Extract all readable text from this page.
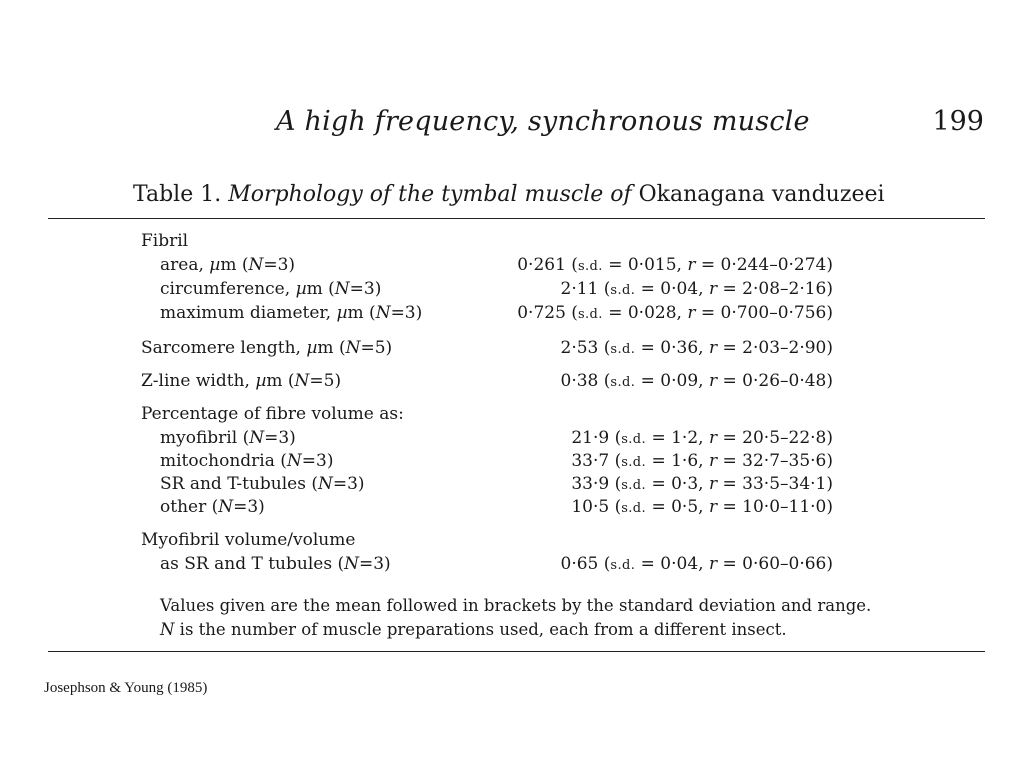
A high frequency, synchronous muscle	199
Table 1. Morphology of the tymbal muscle of Okanagana vanduzeei
Fibril
area, µm (N=3)	0·261 (s.d. = 0·015, r = 0·244–0·274)
circumference, µm (N=3)	2·11 (s.d. = 0·04, r = 2·08–2·16)
maximum diameter, µm (N=3)	0·725 (s.d. = 0·028, r = 0·700–0·756)
Sarcomere length, µm (N=5)	2·53 (s.d. = 0·36, r = 2·03–2·90)
Z-line width, µm (N=5)	0·38 (s.d. = 0·09, r = 0·26–0·48)
Percentage of fibre volume as:
myofibril (N=3)	21·9 (s.d. = 1·2, r = 20·5–22·8)
mitochondria (N=3)	33·7 (s.d. = 1·6, r = 32·7–35·6)
SR and T-tubules (N=3)	33·9 (s.d. = 0·3, r = 33·5–34·1)
other (N=3)	10·5 (s.d. = 0·5, r = 10·0–11·0)
Myofibril volume/volume
as SR and T tubules (N=3)	0·65 (s.d. = 0·04, r = 0·60–0·66)
Values given are the mean followed in brackets by the standard deviation and range.
N is the number of muscle preparations used, each from a different insect.
Josephson & Young (1985)
